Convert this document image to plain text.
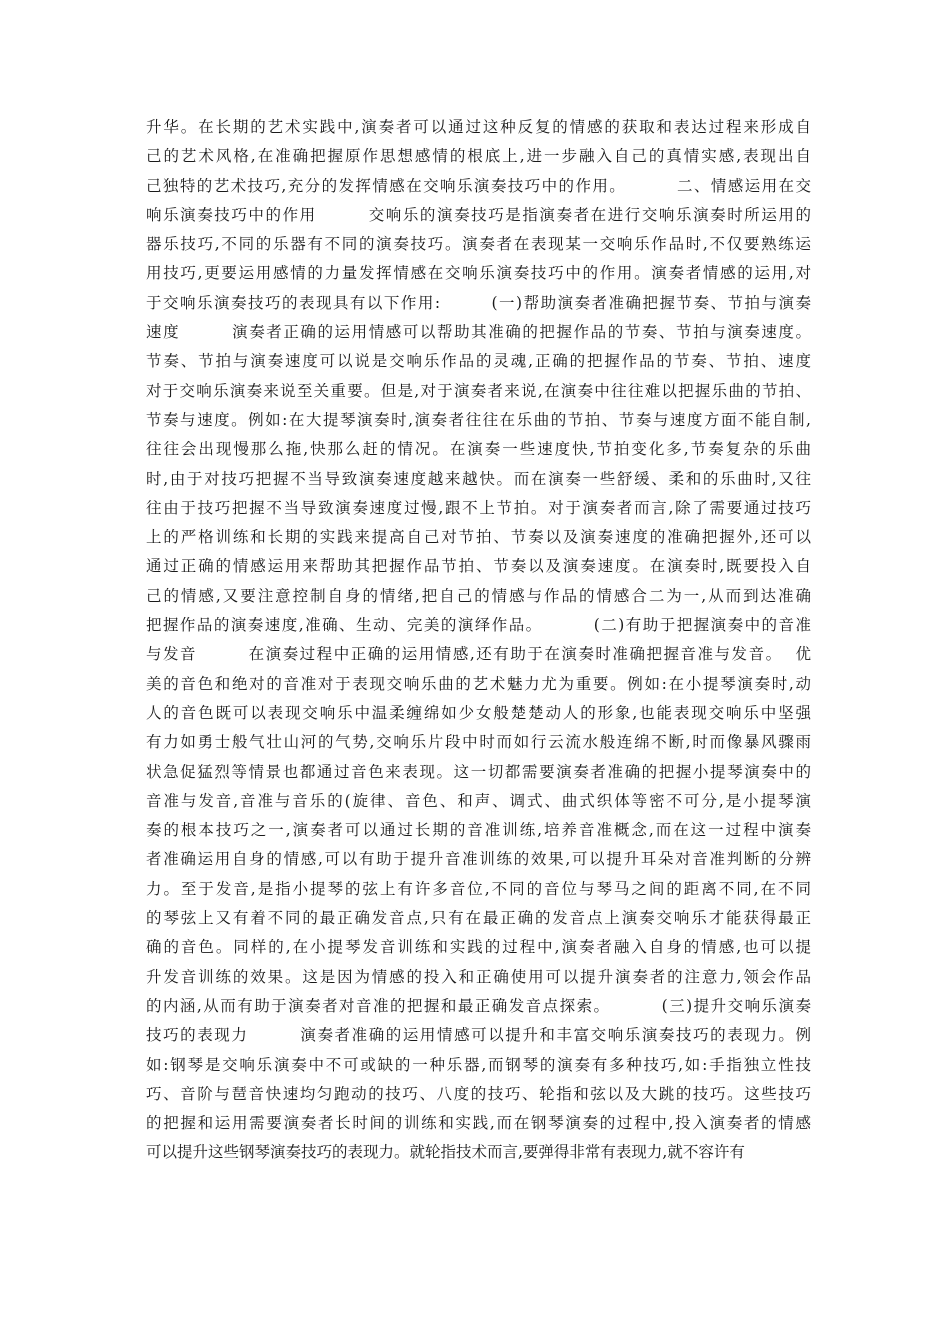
升华。在长期的艺术实践中,演奏者可以通过这种反复的情感的获取和表达过程来形成自
己的艺术风格,在准确把握原作思想感情的根底上,进一步融入自己的真情实感,表现出自
己独特的艺术技巧,充分的发挥情感在交响乐演奏技巧中的作用。        二、情感运用在交
响乐演奏技巧中的作用        交响乐的演奏技巧是指演奏者在进行交响乐演奏时所运用的
器乐技巧,不同的乐器有不同的演奏技巧。演奏者在表现某一交响乐作品时,不仅要熟练运
用技巧,更要运用感情的力量发挥情感在交响乐演奏技巧中的作用。演奏者情感的运用,对
于交响乐演奏技巧的表现具有以下作用:        (一)帮助演奏者准确把握节奏、节拍与演奏
速度        演奏者正确的运用情感可以帮助其准确的把握作品的节奏、节拍与演奏速度。
节奏、节拍与演奏速度可以说是交响乐作品的灵魂,正确的把握作品的节奏、节拍、速度
对于交响乐演奏来说至关重要。但是,对于演奏者来说,在演奏中往往难以把握乐曲的节拍、
节奏与速度。例如:在大提琴演奏时,演奏者往往在乐曲的节拍、节奏与速度方面不能自制,
往往会出现慢那么拖,快那么赶的情况。在演奏一些速度快,节拍变化多,节奏复杂的乐曲
时,由于对技巧把握不当导致演奏速度越来越快。而在演奏一些舒缓、柔和的乐曲时,又往
往由于技巧把握不当导致演奏速度过慢,跟不上节拍。对于演奏者而言,除了需要通过技巧
上的严格训练和长期的实践来提高自己对节拍、节奏以及演奏速度的准确把握外,还可以
通过正确的情感运用来帮助其把握作品节拍、节奏以及演奏速度。在演奏时,既要投入自
己的情感,又要注意控制自身的情绪,把自己的情感与作品的情感合二为一,从而到达准确
把握作品的演奏速度,准确、生动、完美的演绎作品。        (二)有助于把握演奏中的音准
与发音        在演奏过程中正确的运用情感,还有助于在演奏时准确把握音准与发音。  优
美的音色和绝对的音准对于表现交响乐曲的艺术魅力尤为重要。例如:在小提琴演奏时,动
人的音色既可以表现交响乐中温柔缠绵如少女般楚楚动人的形象,也能表现交响乐中坚强
有力如勇士般气壮山河的气势,交响乐片段中时而如行云流水般连绵不断,时而像暴风骤雨
状急促猛烈等情景也都通过音色来表现。这一切都需要演奏者准确的把握小提琴演奏中的
音准与发音,音准与音乐的(旋律、音色、和声、调式、曲式织体等密不可分,是小提琴演
奏的根本技巧之一,演奏者可以通过长期的音准训练,培养音准概念,而在这一过程中演奏
者准确运用自身的情感,可以有助于提升音准训练的效果,可以提升耳朵对音准判断的分辨
力。至于发音,是指小提琴的弦上有许多音位,不同的音位与琴马之间的距离不同,在不同
的琴弦上又有着不同的最正确发音点,只有在最正确的发音点上演奏交响乐才能获得最正
确的音色。同样的,在小提琴发音训练和实践的过程中,演奏者融入自身的情感,也可以提
升发音训练的效果。这是因为情感的投入和正确使用可以提升演奏者的注意力,领会作品
的内涵,从而有助于演奏者对音准的把握和最正确发音点探索。        (三)提升交响乐演奏
技巧的表现力        演奏者准确的运用情感可以提升和丰富交响乐演奏技巧的表现力。例
如:钢琴是交响乐演奏中不可或缺的一种乐器,而钢琴的演奏有多种技巧,如:手指独立性技
巧、音阶与琶音快速均匀跑动的技巧、八度的技巧、轮指和弦以及大跳的技巧。这些技巧
的把握和运用需要演奏者长时间的训练和实践,而在钢琴演奏的过程中,投入演奏者的情感
可以提升这些钢琴演奏技巧的表现力。就轮指技术而言,要弹得非常有表现力,就不容许有
